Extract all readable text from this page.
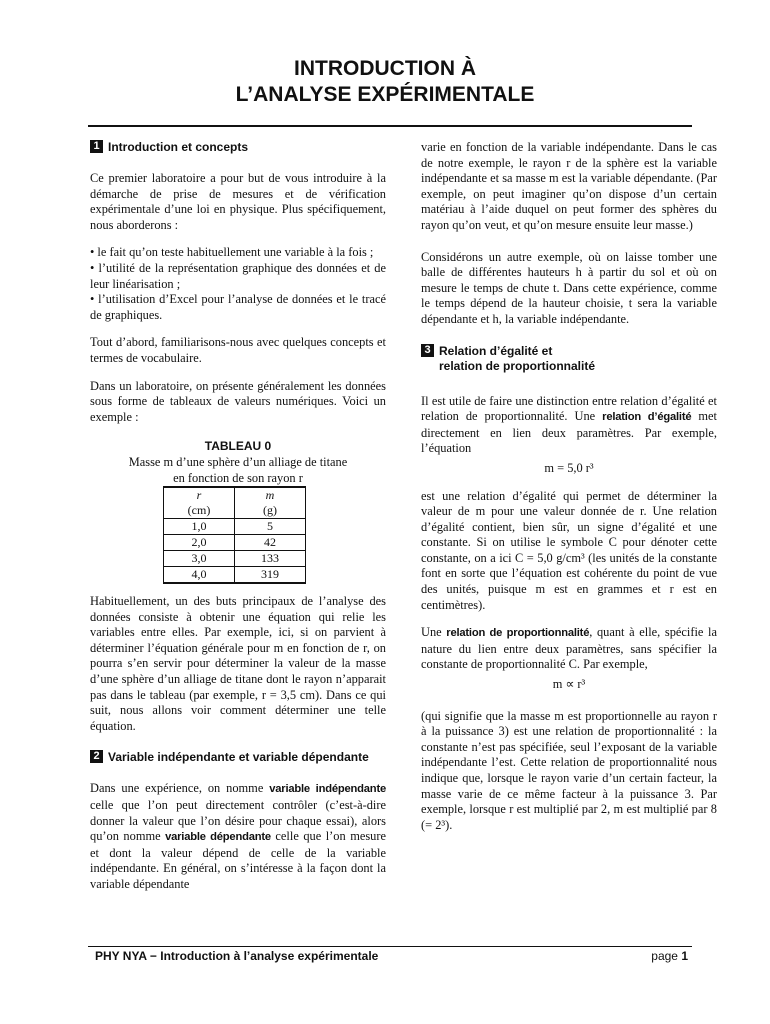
INTRODUCTION À
L’ANALYSE EXPÉRIMENTALE
1 Introduction et concepts

Ce premier laboratoire a pour but de vous introduire à la démarche de prise de mesures et de vérification expérimentale d’une loi en physique. Plus spécifiquement, nous aborderons :

• le fait qu’on teste habituellement une variable à la fois ;

• l’utilité de la représentation graphique des données et de leur linéarisation ;

• l’utilisation d’Excel pour l’analyse de données et le tracé de graphiques.

Tout d’abord, familiarisons-nous avec quelques concepts et termes de vocabulaire.

Dans un laboratoire, on présente généralement les données sous forme de tableaux de valeurs numériques. Voici un exemple :

TABLEAU 0
Masse m d’une sphère d’un alliage de titane
en fonction de son rayon r
r	m
(cm)	(g)
1,0	5
2,0	42
3,0	133
4,0	319

Habituellement, un des buts principaux de l’analyse des données consiste à obtenir une équation qui relie les variables entre elles. Par exemple, ici, si on parvient à déterminer l’équation générale pour m en fonction de r, on pourra s’en servir pour déterminer la valeur de la masse d’une sphère d’un alliage de titane dont le rayon n’apparait pas dans le tableau (par exemple, r = 3,5 cm). Dans ce qui suit, nous allons voir comment déterminer une telle équation.

2 Variable indépendante et variable dépendante

Dans une expérience, on nomme variable indépendante celle que l’on peut directement contrôler (c’est-à-dire donner la valeur que l’on désire pour chaque essai), alors qu’on nomme variable dépendante celle que l’on mesure et dont la valeur dépend de celle de la variable indépendante. En général, on s’intéresse à la façon dont la variable dépendante

varie en fonction de la variable indépendante. Dans le cas de notre exemple, le rayon r de la sphère est la variable indépendante et sa masse m est la variable dépendante. (Par exemple, on peut imaginer qu’on dispose d’un certain matériau à l’aide duquel on peut former des sphères du rayon qu’on veut, et qu’on mesure ensuite leur masse.)

Considérons un autre exemple, où on laisse tomber une balle de différentes hauteurs h à partir du sol et où on mesure le temps de chute t. Dans cette expérience, comme le temps dépend de la hauteur choisie, t sera la variable dépendante et h, la variable indépendante.

3 Relation d’égalité et
relation de proportionnalité

Il est utile de faire une distinction entre relation d’égalité et relation de proportionnalité. Une relation d’égalité met directement en lien deux paramètres. Par exemple, l’équation

m = 5,0 r³

est une relation d’égalité qui permet de déterminer la valeur de m pour une valeur donnée de r. Une relation d’égalité contient, bien sûr, un signe d’égalité et une constante. Si on utilise le symbole C pour dénoter cette constante, on a ici C = 5,0 g/cm³ (les unités de la constante font en sorte que l’équation est cohérente du point de vue des unités, puisque m est en grammes et r est en centimètres).

Une relation de proportionnalité, quant à elle, spécifie la nature du lien entre deux paramètres, sans spécifier la constante de proportionnalité C. Par exemple,

m ∝ r³

(qui signifie que la masse m est proportionnelle au rayon r à la puissance 3) est une relation de proportionnalité : la constante n’est pas spécifiée, seul l’exposant de la variable indépendante l’est. Cette relation de proportionnalité nous indique que, lorsque le rayon varie d’un certain facteur, la masse varie de ce même facteur à la puissance 3. Par exemple, lorsque r est multiplié par 2, m est multiplié par 8 (= 2³).

PHY NYA − Introduction à l’analyse expérimentale	page 1
